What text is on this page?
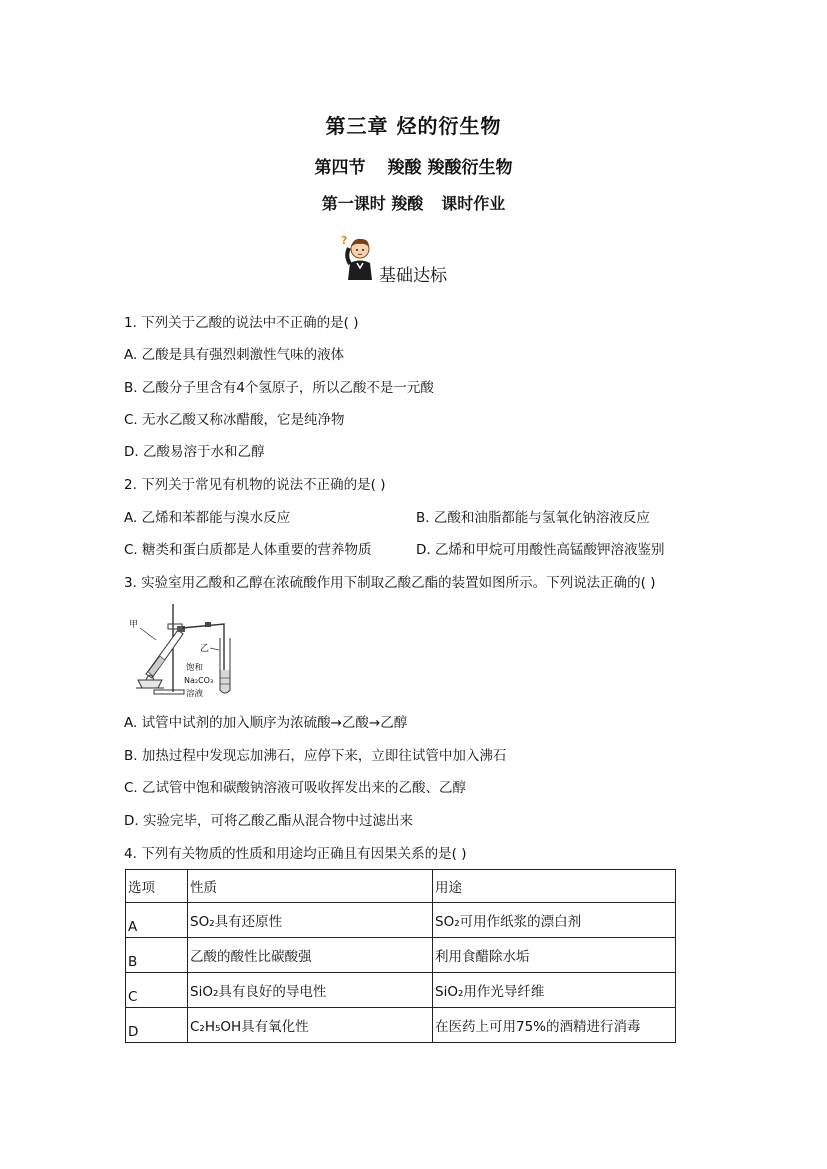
第三章 烃的衍生物
第四节 羧酸 羧酸衍生物
第一课时 羧酸 课时作业
?
基础达标
1. 下列关于乙酸的说法中不正确的是( )
A. 乙酸是具有强烈刺激性气味的液体
B. 乙酸分子里含有4个氢原子，所以乙酸不是一元酸
C. 无水乙酸又称冰醋酸，它是纯净物
D. 乙酸易溶于水和乙醇
2. 下列关于常见有机物的说法不正确的是( )
A. 乙烯和苯都能与溴水反应	B. 乙酸和油脂都能与氢氧化钠溶液反应
C. 糖类和蛋白质都是人体重要的营养物质	D. 乙烯和甲烷可用酸性高锰酸钾溶液鉴别
3. 实验室用乙酸和乙醇在浓硫酸作用下制取乙酸乙酯的装置如图所示。下列说法正确的( )
甲
乙
饱和
Na₂CO₃
溶液
A. 试管中试剂的加入顺序为浓硫酸→乙酸→乙醇
B. 加热过程中发现忘加沸石，应停下来，立即往试管中加入沸石
C. 乙试管中饱和碳酸钠溶液可吸收挥发出来的乙酸、乙醇
D. 实验完毕，可将乙酸乙酯从混合物中过滤出来
4. 下列有关物质的性质和用途均正确且有因果关系的是( )
选项	性质	用途
A	SO₂具有还原性	SO₂可用作纸浆的漂白剂
B	乙酸的酸性比碳酸强	利用食醋除水垢
C	SiO₂具有良好的导电性	SiO₂用作光导纤维
D	C₂H₅OH具有氧化性	在医药上可用75%的酒精进行消毒
